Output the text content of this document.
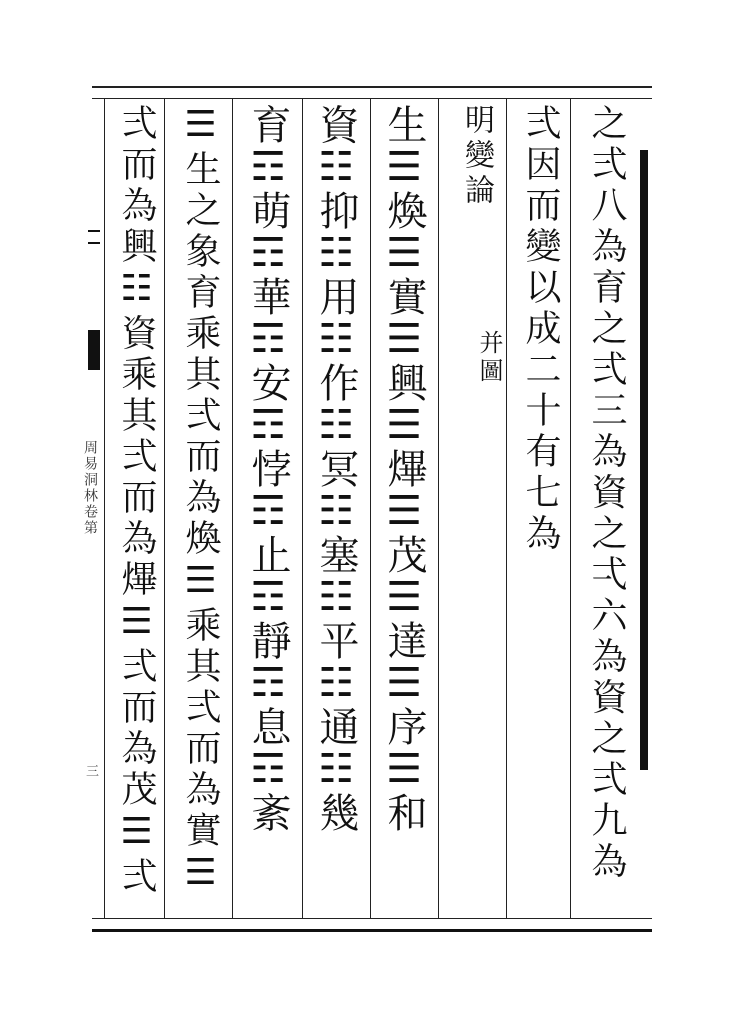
之弍八為育之弍三為資之弌六為資之弍九為
弍因而變以成二十有七為
明變論
并圖
生☰煥☰實☰興☰熚☰茂☰達☰序☰和
資☷抑☷用☷作☷冥☷塞☷平☷通☷幾
育☶萌☶華☶安☶悖☶止☶靜☶息☶紊
☰生之象育乘其弍而為煥☰乘其弍而為實☰
弍而為興☷資乘其弍而為熚☰弍而為茂☰弍
周易洞林卷第
三
